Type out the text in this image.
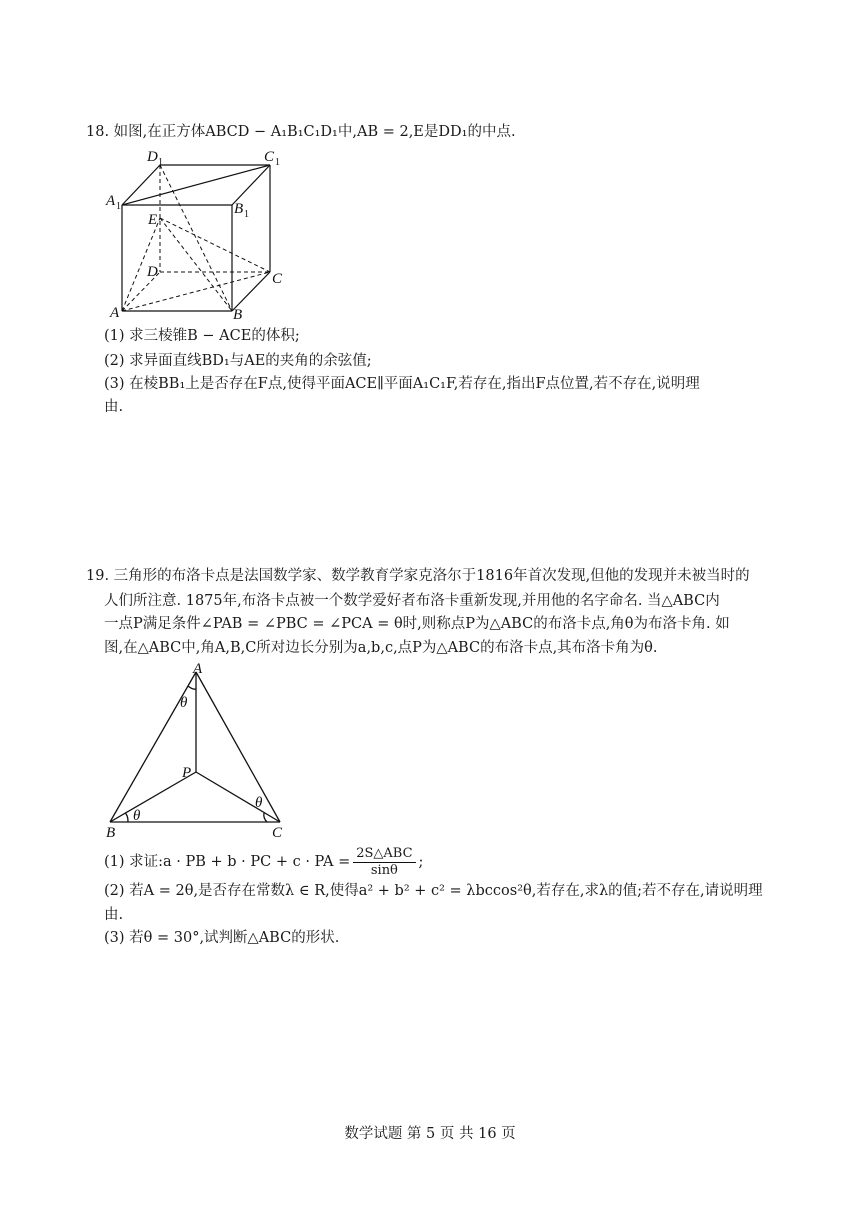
18. 如图,在正方体ABCD − A₁B₁C₁D₁中,AB = 2,E是DD₁的中点.
D 1	C 1
A 1	B 1
E
D	C
A	B
(1) 求三棱锥B − ACE的体积;
(2) 求异面直线BD₁与AE的夹角的余弦值;
(3) 在棱BB₁上是否存在F点,使得平面ACE∥平面A₁C₁F,若存在,指出F点位置,若不存在,说明理
由.
19. 三角形的布洛卡点是法国数学家、数学教育学家克洛尔于1816年首次发现,但他的发现并未被当时的
人们所注意. 1875年,布洛卡点被一个数学爱好者布洛卡重新发现,并用他的名字命名. 当△ABC内
一点P满足条件∠PAB = ∠PBC = ∠PCA = θ时,则称点P为△ABC的布洛卡点,角θ为布洛卡角. 如
图,在△ABC中,角A,B,C所对边长分别为a,b,c,点P为△ABC的布洛卡点,其布洛卡角为θ.
A
P
B	C
θ
θ
θ
(1) 求证:a · PB + b · PC + c · PA = $\frac{\text{2S△ABC}}{\sin\theta}$ ;
(2) 若A = 2θ,是否存在常数λ ∈ R,使得a² + b² + c² = λbccos²θ,若存在,求λ的值;若不存在,请说明理
由.
(3) 若θ = 30°,试判断△ABC的形状.
数学试题 第 5 页 共 16 页
